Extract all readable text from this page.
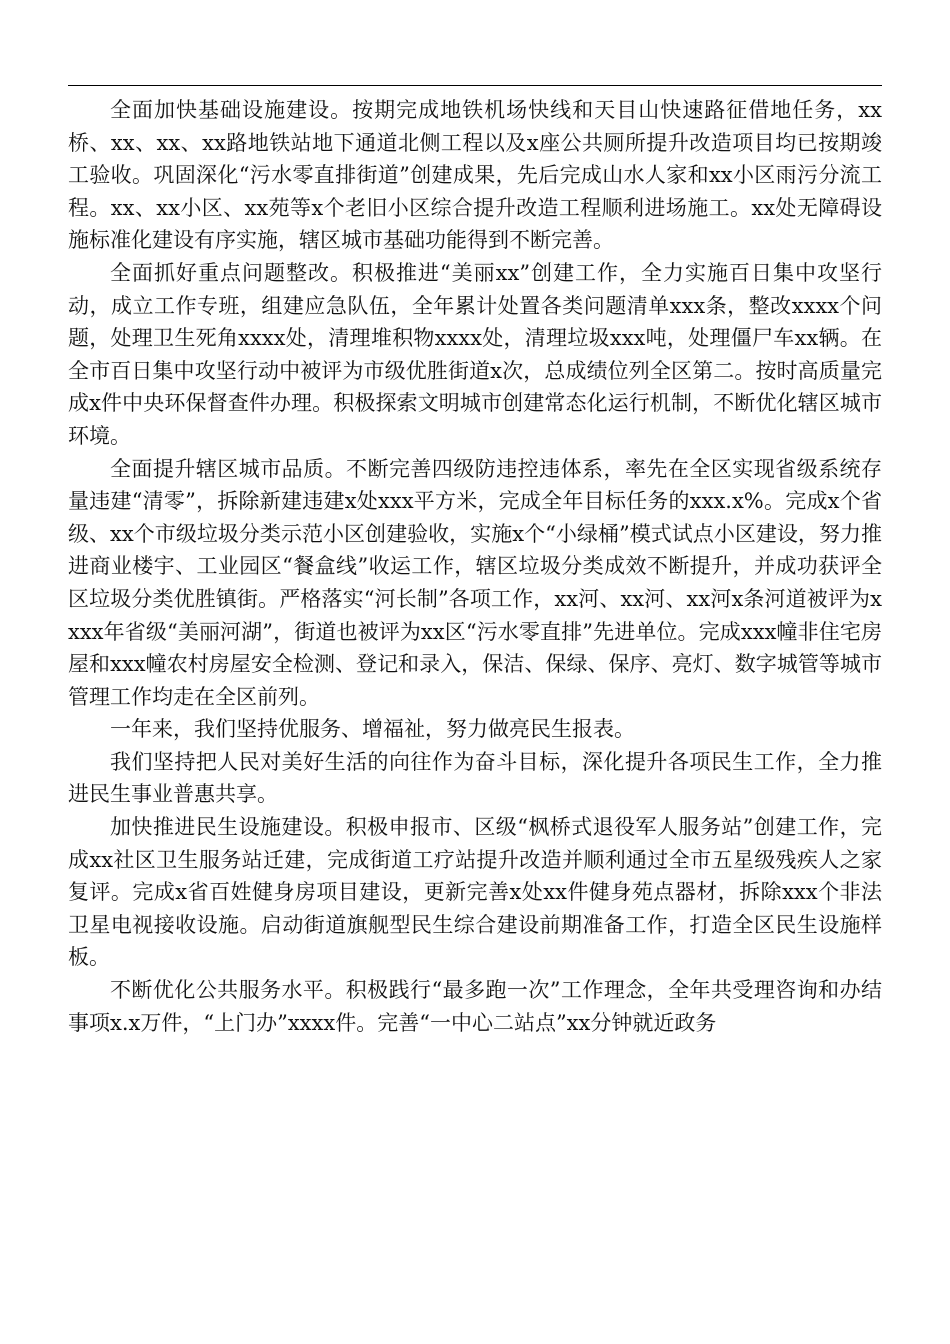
全面加快基础设施建设。按期完成地铁机场快线和天目山快速路征借地任务，xx桥、xx、xx、xx路地铁站地下通道北侧工程以及x座公共厕所提升改造项目均已按期竣工验收。巩固深化“污水零直排街道”创建成果，先后完成山水人家和xx小区雨污分流工程。xx、xx小区、xx苑等x个老旧小区综合提升改造工程顺利进场施工。xx处无障碍设施标准化建设有序实施，辖区城市基础功能得到不断完善。

全面抓好重点问题整改。积极推进“美丽xx”创建工作，全力实施百日集中攻坚行动，成立工作专班，组建应急队伍，全年累计处置各类问题清单xxx条，整改xxxx个问题，处理卫生死角xxxx处，清理堆积物xxxx处，清理垃圾xxx吨，处理僵尸车xx辆。在全市百日集中攻坚行动中被评为市级优胜街道x次，总成绩位列全区第二。按时高质量完成x件中央环保督查件办理。积极探索文明城市创建常态化运行机制，不断优化辖区城市环境。

全面提升辖区城市品质。不断完善四级防违控违体系，率先在全区实现省级系统存量违建“清零”，拆除新建违建x处xxx平方米，完成全年目标任务的xxx.x%。完成x个省级、xx个市级垃圾分类示范小区创建验收，实施x个“小绿桶”模式试点小区建设，努力推进商业楼宇、工业园区“餐盒线”收运工作，辖区垃圾分类成效不断提升，并成功获评全区垃圾分类优胜镇街。严格落实“河长制”各项工作，xx河、xx河、xx河x条河道被评为xxxx年省级“美丽河湖”，街道也被评为xx区“污水零直排”先进单位。完成xxx幢非住宅房屋和xxx幢农村房屋安全检测、登记和录入，保洁、保绿、保序、亮灯、数字城管等城市管理工作均走在全区前列。

一年来，我们坚持优服务、增福祉，努力做亮民生报表。

我们坚持把人民对美好生活的向往作为奋斗目标，深化提升各项民生工作，全力推进民生事业普惠共享。

加快推进民生设施建设。积极申报市、区级“枫桥式退役军人服务站”创建工作，完成xx社区卫生服务站迁建，完成街道工疗站提升改造并顺利通过全市五星级残疾人之家复评。完成x省百姓健身房项目建设，更新完善x处xx件健身苑点器材，拆除xxx个非法卫星电视接收设施。启动街道旗舰型民生综合建设前期准备工作，打造全区民生设施样板。

不断优化公共服务水平。积极践行“最多跑一次”工作理念，全年共受理咨询和办结事项x.x万件，“上门办”xxxx件。完善“一中心二站点”xx分钟就近政务
